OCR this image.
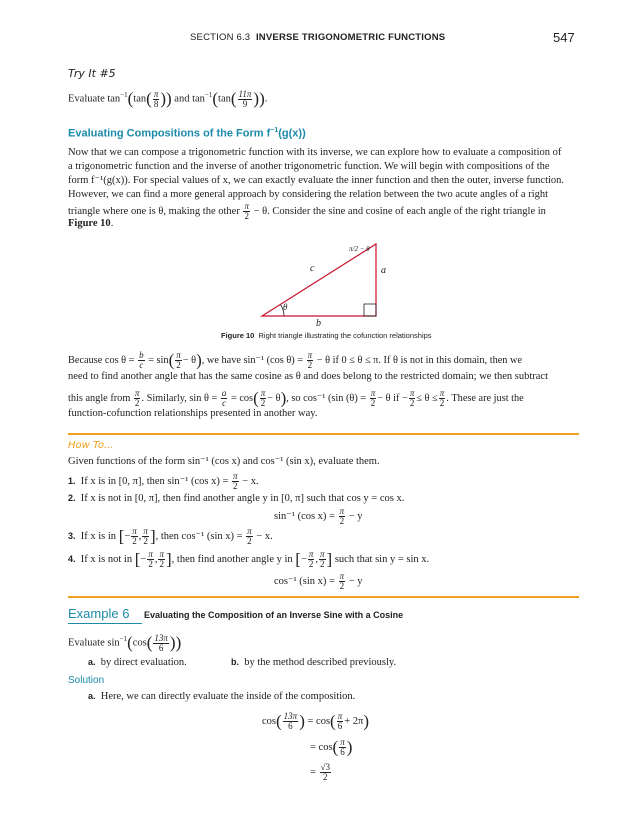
SECTION 6.3 INVERSE TRIGONOMETRIC FUNCTIONS	547
Try It #5
Evaluate $\tan^{-1}(\tan( \frac{\pi}{8}$ )) and $\tan^{-1}(\tan( \frac{11\pi}{9}$ )).
Evaluating Compositions of the Form $f^{-1}(g(x))$
Now that we can compose a trigonometric function with its inverse, we can explore how to evaluate a composition of
a trigonometric function and the inverse of another trigonometric function. We will begin with compositions of the
form f⁻¹(g(x)). For special values of x, we can exactly evaluate the inner function and then the outer, inverse function.
However, we can find a more general approach by considering the relation between the two acute angles of a right
triangle where one is θ, making the other $\frac{\pi}{2} - \theta$. Consider the sine and cosine of each angle of the right triangle in
Figure 10.
c	a
b
θ
π/2 − θ
Figure 10 Right triangle illustrating the cofunction relationships
Because $\cos \theta = \frac{b}{c} = \sin( \frac{\pi}{2} - \theta)$, we have sin⁻¹ (cos $\theta) = \frac{\pi}{2} - \theta$ if 0 ≤ θ ≤ π. If θ is not in this domain, then we
need to find another angle that has the same cosine as θ and does belong to the restricted domain; we then subtract
this angle from $\frac{\pi}{2}$ . Similarly, $\sin \theta = \frac{a}{c} = \cos( \frac{\pi}{2} - \theta)$, so cos⁻¹ (sin $(\theta) = \frac{\pi}{2} - \theta$ if − $\frac{\pi}{2} \le \theta \le \frac{\pi}{2}$ . These are just the
function-cofunction relationships presented in another way.
How To...
Given functions of the form sin⁻¹ (cos x) and cos⁻¹ (sin x), evaluate them.
1. If x is in [0, π], then sin⁻¹ (cos $x) = \frac{\pi}{2} - x$.
2. If x is not in [0, π], then find another angle y in [0, π] such that cos y = cos x.
sin⁻¹ (cos $x) = \frac{\pi}{2} - y$
3. If x is in [− $\frac{\pi}{2}$ , $\frac{\pi}{2}$ ], then cos⁻¹ (sin $x) = \frac{\pi}{2} - x$.
4. If x is not in [− $\frac{\pi}{2}$ , $\frac{\pi}{2}$ ], then find another angle y in [− $\frac{\pi}{2}$ , $\frac{\pi}{2}$ ] such that sin y = sin x.
cos⁻¹ (sin $x) = \frac{\pi}{2} - y$
Example 6 Evaluating the Composition of an Inverse Sine with a Cosine
Evaluate $\sin^{-1}(\cos( \frac{13\pi}{6}$ ))
a. by direct evaluation.	b. by the method described previously.
Solution
a. Here, we can directly evaluate the inside of the composition.
$\cos( \frac{13\pi}{6}$ ) = $\cos( \frac{\pi}{6} + 2\pi)$
= $\cos( \frac{\pi}{6}$ )
= $\frac{√3}{2}$
